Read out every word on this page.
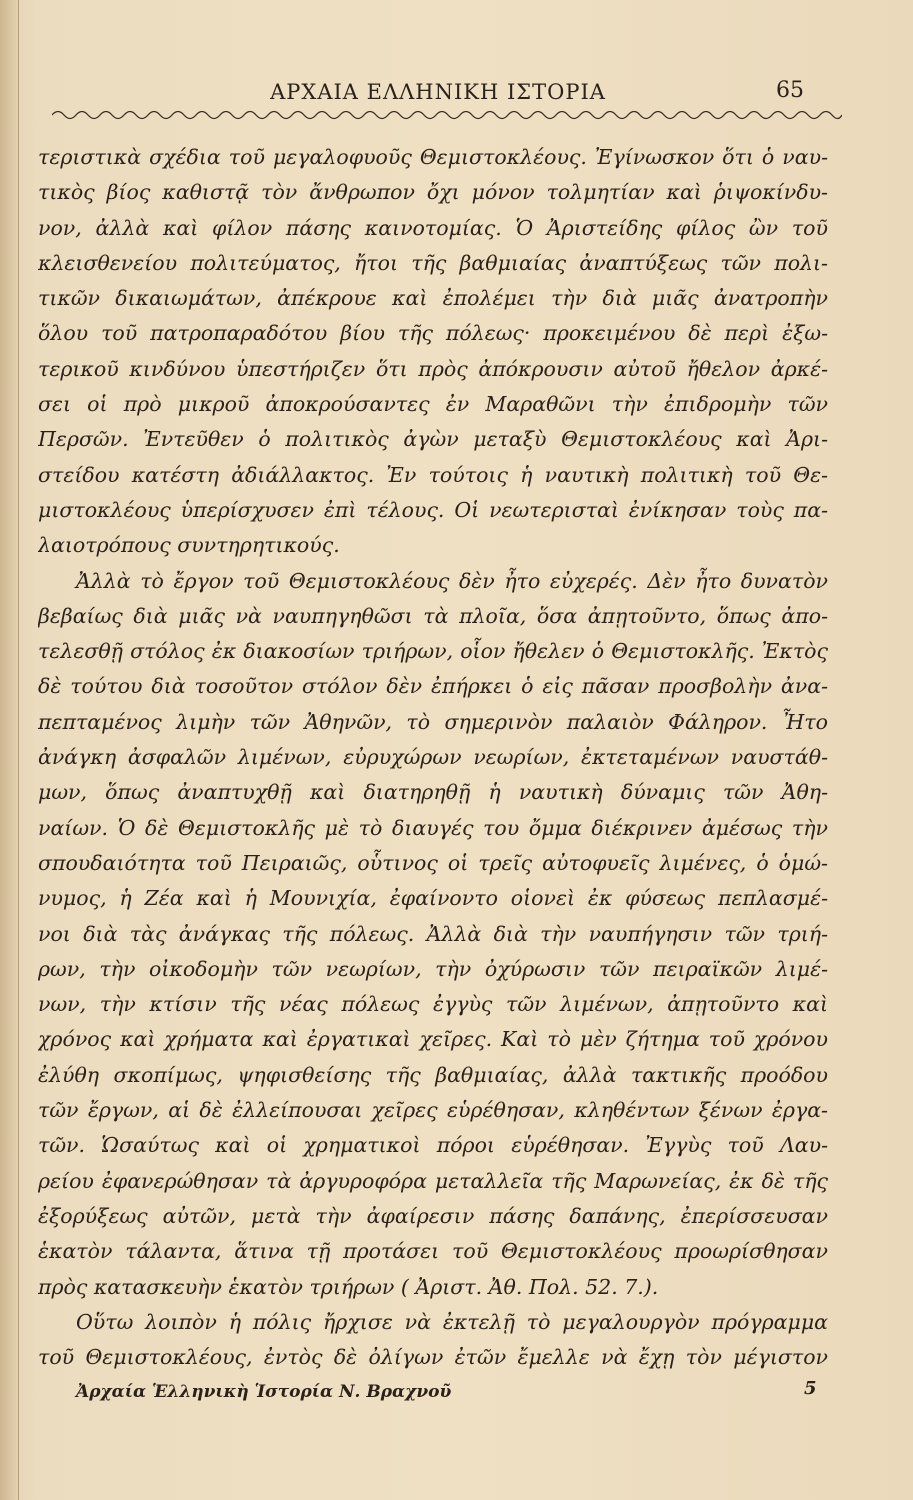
ΑΡΧΑΙΑ ΕΛΛΗΝΙΚΗ ΙΣΤΟΡΙΑ	65
τεριστικὰ σχέδια τοῦ μεγαλοφυοῦς Θεμιστοκλέους. Ἐγίνωσκον ὅτι ὁ ναυ-
τικὸς βίος καθιστᾷ τὸν ἄνθρωπον ὄχι μόνον τολμητίαν καὶ ῥιψοκίνδυ-
νον, ἀλλὰ καὶ φίλον πάσης καινοτομίας. Ὁ Ἀριστείδης φίλος ὢν τοῦ
κλεισθενείου πολιτεύματος, ἤτοι τῆς βαθμιαίας ἀναπτύξεως τῶν πολι-
τικῶν δικαιωμάτων, ἀπέκρουε καὶ ἐπολέμει τὴν διὰ μιᾶς ἀνατροπὴν
ὅλου τοῦ πατροπαραδότου βίου τῆς πόλεως· προκειμένου δὲ περὶ ἐξω-
τερικοῦ κινδύνου ὑπεστήριζεν ὅτι πρὸς ἀπόκρουσιν αὐτοῦ ἤθελον ἀρκέ-
σει οἱ πρὸ μικροῦ ἀποκρούσαντες ἐν Μαραθῶνι τὴν ἐπιδρομὴν τῶν
Περσῶν. Ἐντεῦθεν ὁ πολιτικὸς ἀγὼν μεταξὺ Θεμιστοκλέους καὶ Ἀρι-
στείδου κατέστη ἀδιάλλακτος. Ἐν τούτοις ἡ ναυτικὴ πολιτικὴ τοῦ Θε-
μιστοκλέους ὑπερίσχυσεν ἐπὶ τέλους. Οἱ νεωτερισταὶ ἐνίκησαν τοὺς πα-
λαιοτρόπους συντηρητικούς.
Ἀλλὰ τὸ ἔργον τοῦ Θεμιστοκλέους δὲν ἦτο εὐχερές. Δὲν ἦτο δυνατὸν
βεβαίως διὰ μιᾶς νὰ ναυπηγηθῶσι τὰ πλοῖα, ὅσα ἀπῃτοῦντο, ὅπως ἀπο-
τελεσθῇ στόλος ἐκ διακοσίων τριήρων, οἷον ἤθελεν ὁ Θεμιστοκλῆς. Ἐκτὸς
δὲ τούτου διὰ τοσοῦτον στόλον δὲν ἐπήρκει ὁ εἰς πᾶσαν προσβολὴν ἀνα-
πεπταμένος λιμὴν τῶν Ἀθηνῶν, τὸ σημερινὸν παλαιὸν Φάληρον. Ἦτο
ἀνάγκη ἀσφαλῶν λιμένων, εὐρυχώρων νεωρίων, ἐκτεταμένων ναυστάθ-
μων, ὅπως ἀναπτυχθῇ καὶ διατηρηθῇ ἡ ναυτικὴ δύναμις τῶν Ἀθη-
ναίων. Ὁ δὲ Θεμιστοκλῆς μὲ τὸ διαυγές του ὄμμα διέκρινεν ἀμέσως τὴν
σπουδαιότητα τοῦ Πειραιῶς, οὗτινος οἱ τρεῖς αὐτοφυεῖς λιμένες, ὁ ὁμώ-
νυμος, ἡ Ζέα καὶ ἡ Μουνιχία, ἐφαίνοντο οἱονεὶ ἐκ φύσεως πεπλασμέ-
νοι διὰ τὰς ἀνάγκας τῆς πόλεως. Ἀλλὰ διὰ τὴν ναυπήγησιν τῶν τριή-
ρων, τὴν οἰκοδομὴν τῶν νεωρίων, τὴν ὀχύρωσιν τῶν πειραϊκῶν λιμέ-
νων, τὴν κτίσιν τῆς νέας πόλεως ἐγγὺς τῶν λιμένων, ἀπῃτοῦντο καὶ
χρόνος καὶ χρήματα καὶ ἐργατικαὶ χεῖρες. Καὶ τὸ μὲν ζήτημα τοῦ χρόνου
ἐλύθη σκοπίμως, ψηφισθείσης τῆς βαθμιαίας, ἀλλὰ τακτικῆς προόδου
τῶν ἔργων, αἱ δὲ ἐλλείπουσαι χεῖρες εὑρέθησαν, κληθέντων ξένων ἐργα-
τῶν. Ὡσαύτως καὶ οἱ χρηματικοὶ πόροι εὑρέθησαν. Ἐγγὺς τοῦ Λαυ-
ρείου ἐφανερώθησαν τὰ ἀργυροφόρα μεταλλεῖα τῆς Μαρωνείας, ἐκ δὲ τῆς
ἐξορύξεως αὐτῶν, μετὰ τὴν ἀφαίρεσιν πάσης δαπάνης, ἐπερίσσευσαν
ἑκατὸν τάλαντα, ἅτινα τῇ προτάσει τοῦ Θεμιστοκλέους προωρίσθησαν
πρὸς κατασκευὴν ἑκατὸν τριήρων ( Ἀριστ. Ἀθ. Πολ. 52. 7.).
Οὕτω λοιπὸν ἡ πόλις ἤρχισε νὰ ἐκτελῇ τὸ μεγαλουργὸν πρόγραμμα
τοῦ Θεμιστοκλέους, ἐντὸς δὲ ὀλίγων ἐτῶν ἔμελλε νὰ ἔχῃ τὸν μέγιστον
Ἀρχαία Ἑλληνικὴ Ἱστορία Ν. Βραχνοῦ	5
